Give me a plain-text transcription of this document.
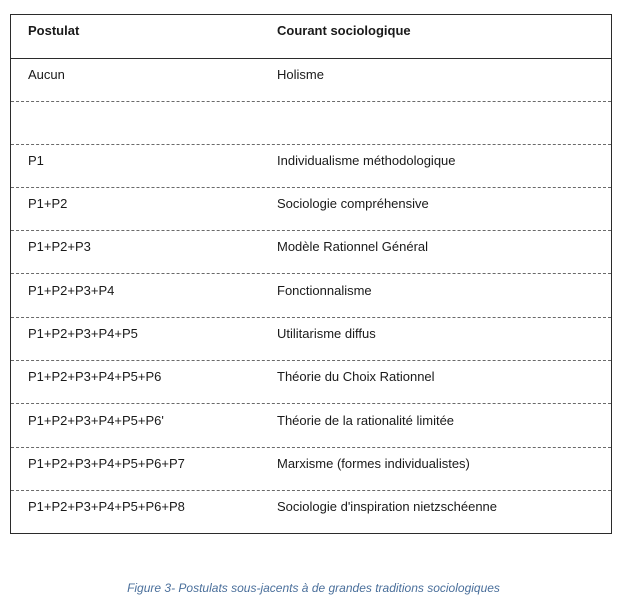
Postulat	Courant sociologique
Aucun	Holisme
P1	Individualisme méthodologique
P1+P2	Sociologie compréhensive
P1+P2+P3	Modèle Rationnel Général
P1+P2+P3+P4	Fonctionnalisme
P1+P2+P3+P4+P5	Utilitarisme diffus
P1+P2+P3+P4+P5+P6	Théorie du Choix Rationnel
P1+P2+P3+P4+P5+P6'	Théorie de la rationalité limitée
P1+P2+P3+P4+P5+P6+P7	Marxisme (formes individualistes)
P1+P2+P3+P4+P5+P6+P8	Sociologie d'inspiration nietzschéenne
Figure 3- Postulats sous-jacents à de grandes traditions sociologiques
